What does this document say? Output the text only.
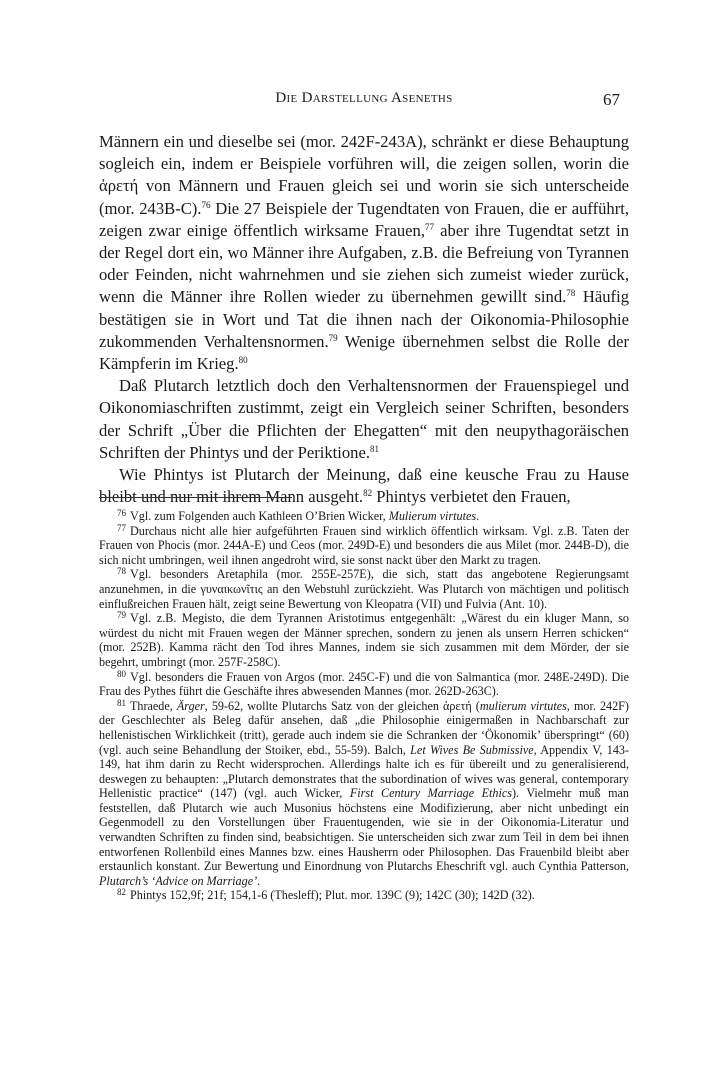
Die Darstellung Aseneths	67

Männern ein und dieselbe sei (mor. 242F-243A), schränkt er diese Behauptung sogleich ein, indem er Beispiele vorführen will, die zeigen sollen, worin die ἀρετή von Männern und Frauen gleich sei und worin sie sich unterscheide (mor. 243B-C).$^{76}$ Die 27 Beispiele der Tugendtaten von Frauen, die er aufführt, zeigen zwar einige öffentlich wirksame Frauen,$^{77}$ aber ihre Tugendtat setzt in der Regel dort ein, wo Männer ihre Aufgaben, z.B. die Befreiung von Tyrannen oder Feinden, nicht wahrnehmen und sie ziehen sich zumeist wieder zurück, wenn die Männer ihre Rollen wieder zu übernehmen gewillt sind.$^{78}$ Häufig bestätigen sie in Wort und Tat die ihnen nach der Oikonomia-Philosophie zukommenden Verhaltensnormen.$^{79}$ Wenige übernehmen selbst die Rolle der Kämpferin im Krieg.$^{80}$

Daß Plutarch letztlich doch den Verhaltensnormen der Frauenspiegel und Oikonomiaschriften zustimmt, zeigt ein Vergleich seiner Schriften, besonders der Schrift „Über die Pflichten der Ehegatten“ mit den neupythagoräischen Schriften der Phintys und der Periktione.$^{81}$

Wie Phintys ist Plutarch der Meinung, daß eine keusche Frau zu Hause bleibt und nur mit ihrem Mann ausgeht.$^{82}$ Phintys verbietet den Frauen,

$^{76}$ Vgl. zum Folgenden auch Kathleen O’Brien Wicker, Mulierum virtutes.

$^{77}$ Durchaus nicht alle hier aufgeführten Frauen sind wirklich öffentlich wirksam. Vgl. z.B. Taten der Frauen von Phocis (mor. 244A-E) und Ceos (mor. 249D-E) und besonders die aus Milet (mor. 244B-D), die sich nicht umbringen, weil ihnen angedroht wird, sie sonst nackt über den Markt zu tragen.

$^{78}$ Vgl. besonders Aretaphila (mor. 255E-257E), die sich, statt das angebotene Regierungsamt anzunehmen, in die γυναικωνῖτις an den Webstuhl zurückzieht. Was Plutarch von mächtigen und politisch einflußreichen Frauen hält, zeigt seine Bewertung von Kleopatra (VII) und Fulvia (Ant. 10).

$^{79}$ Vgl. z.B. Megisto, die dem Tyrannen Aristotimus entgegenhält: „Wärest du ein kluger Mann, so würdest du nicht mit Frauen wegen der Männer sprechen, sondern zu jenen als unsern Herren schicken“ (mor. 252B). Kamma rächt den Tod ihres Mannes, indem sie sich zusammen mit dem Mörder, der sie begehrt, umbringt (mor. 257F-258C).

$^{80}$ Vgl. besonders die Frauen von Argos (mor. 245C-F) und die von Salmantica (mor. 248E-249D). Die Frau des Pythes führt die Geschäfte ihres abwesenden Mannes (mor. 262D-263C).

$^{81}$ Thraede, Ärger, 59-62, wollte Plutarchs Satz von der gleichen ἀρετή (mulierum virtutes, mor. 242F) der Geschlechter als Beleg dafür ansehen, daß „die Philosophie einigermaßen in Nachbarschaft zur hellenistischen Wirklichkeit (tritt), gerade auch indem sie die Schranken der ‘Ökonomik’ überspringt“ (60) (vgl. auch seine Behandlung der Stoiker, ebd., 55-59). Balch, Let Wives Be Submissive, Appendix V, 143-149, hat ihm darin zu Recht widersprochen. Allerdings halte ich es für übereilt und zu generalisierend, deswegen zu behaupten: „Plutarch demonstrates that the subordination of wives was general, contemporary Hellenistic practice“ (147) (vgl. auch Wicker, First Century Marriage Ethics). Vielmehr muß man feststellen, daß Plutarch wie auch Musonius höchstens eine Modifizierung, aber nicht unbedingt ein Gegenmodell zu den Vorstellungen über Frauentugenden, wie sie in der Oikonomia-Literatur und verwandten Schriften zu finden sind, beabsichtigen. Sie unterscheiden sich zwar zum Teil in dem bei ihnen entworfenen Rollenbild eines Mannes bzw. eines Hausherrn oder Philosophen. Das Frauenbild bleibt aber erstaunlich konstant. Zur Bewertung und Einordnung von Plutarchs Eheschrift vgl. auch Cynthia Patterson, Plutarch’s ‘Advice on Marriage’.

$^{82}$ Phintys 152,9f; 21f; 154,1-6 (Thesleff); Plut. mor. 139C (9); 142C (30); 142D (32).
